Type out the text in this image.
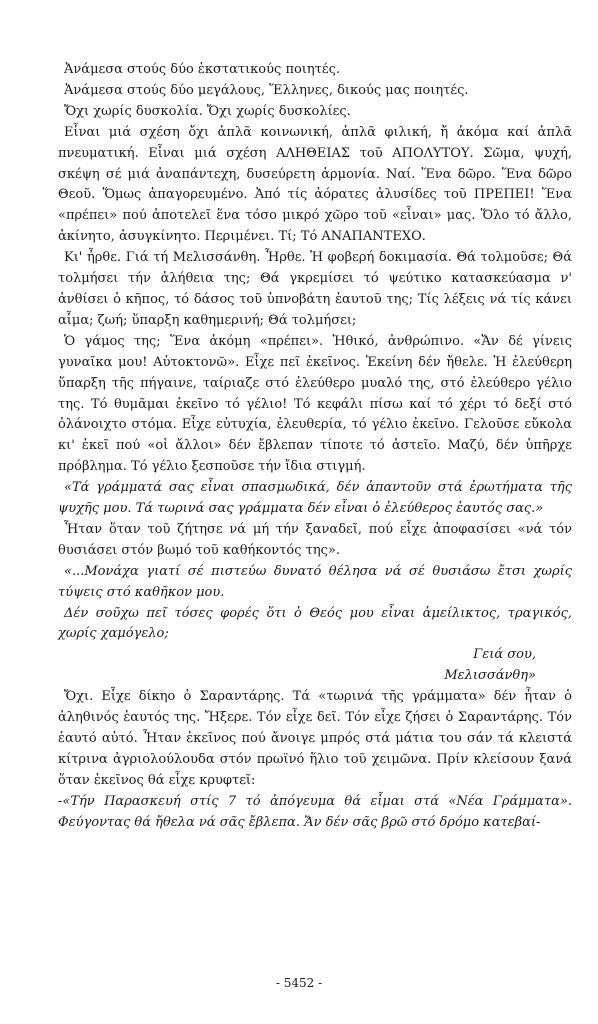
Ἀνάμεσα στούς δύο ἐκστατικούς ποιητές.

Ἀνάμεσα στούς δύο μεγάλους, Ἕλληνες, δικούς μας ποιητές.

Ὄχι χωρίς δυσκολία. Ὄχι χωρίς δυσκολίες.

Εἶναι μιά σχέση ὄχι ἁπλᾶ κοινωνική, ἁπλᾶ φιλική, ἤ ἀκόμα καί ἁπλᾶ πνευματική. Εἶναι μιά σχέση ΑΛΗΘΕΙΑΣ τοῦ ΑΠΟΛΥΤΟΥ. Σῶμα, ψυχή, σκέψη σέ μιά ἀναπάντεχη, δυσεύρετη ἁρμονία. Ναί. Ἕνα δῶρο. Ἕνα δῶρο Θεοῦ. Ὅμως ἀπαγορευμένο. Ἀπό τίς ἀόρατες ἁλυσίδες τοῦ ΠΡΕΠΕΙ! Ἕνα «πρέπει» πού ἀποτελεῖ ἕνα τόσο μικρό χῶρο τοῦ «εἶναι» μας. Ὅλο τό ἄλλο, ἀκίνητο, ἀσυγκίνητο. Περιμένει. Τί; Τό ΑΝΑΠΑΝΤΕΧΟ.

Κι' ἦρθε. Γιά τή Μελισσάνθη. Ἦρθε. Ἡ φοβερή δοκιμασία. Θά τολμοῦσε; Θά τολμήσει τήν ἀλήθεια της; Θά γκρεμίσει τό ψεύτικο κατασκεύασμα ν' ἀνθίσει ὁ κῆπος, τό δάσος τοῦ ὑπνοβάτη ἑαυτοῦ της; Τίς λέξεις νά τίς κάνει αἷμα; ζωή; ὕπαρξη καθημερινή; Θά τολμήσει;

Ὁ γάμος της; Ἕνα ἀκόμη «πρέπει». Ἠθικό, ἀνθρώπινο. «Ἄν δέ γίνεις γυναῖκα μου! Αὐτοκτονῶ». Εἶχε πεῖ ἐκεῖνος. Ἐκείνη δέν ἤθελε. Ἡ ἐλεύθερη ὕπαρξη τῆς πήγαινε, ταίριαζε στό ἐλεύθερο μυαλό της, στό ἐλεύθερο γέλιο της. Τό θυμᾶμαι ἐκεῖνο τό γέλιο! Τό κεφάλι πίσω καί τό χέρι τό δεξί στό ὀλάνοιχτο στόμα. Εἶχε εὐτυχία, ἐλευθερία, τό γέλιο ἐκεῖνο. Γελοῦσε εὔκολα κι' ἐκεῖ πού «οἱ ἄλλοι» δέν ἔβλεπαν τίποτε τό ἀστεῖο. Μαζύ, δέν ὑπῆρχε πρόβλημα. Τό γέλιο ξεσποῦσε τήν ἴδια στιγμή.

«Τά γράμματά σας εἶναι σπασμωδικά, δέν ἀπαντοῦν στά ἐρωτήματα τῆς ψυχῆς μου. Τά τωρινά σας γράμματα δέν εἶναι ὁ ἐλεύθερος ἑαυτός σας.»

Ἦταν ὅταν τοῦ ζήτησε νά μή τήν ξαναδεῖ, πού εἶχε ἀποφασίσει «νά τόν θυσιάσει στόν βωμό τοῦ καθήκοντός της».

«...Μονάχα γιατί σέ πιστεύω δυνατό θέλησα νά σέ θυσιάσω ἔτσι χωρίς τύψεις στό καθῆκον μου.

Δέν σοῦχω πεῖ τόσες φορές ὅτι ὁ Θεός μου εἶναι ἀμείλικτος, τραγικός, χωρίς χαμόγελο;

Γειά σου,
Μελισσάνθη»

Ὄχι. Εἶχε δίκηο ὁ Σαραντάρης. Τά «τωρινά τῆς γράμματα» δέν ἦταν ὁ ἀληθινός ἑαυτός της. Ἤξερε. Τόν εἶχε δεῖ. Τόν εἶχε ζήσει ὁ Σαραντάρης. Τόν ἑαυτό αὐτό. Ἦταν ἐκεῖνος πού ἄνοιγε μπρός στά μάτια του σάν τά κλειστά κίτρινα ἀγριολούλουδα στόν πρωϊνό ἥλιο τοῦ χειμῶνα. Πρίν κλείσουν ξανά ὅταν ἐκεῖνος θά εἶχε κρυφτεῖ:

-«Τήν Παρασκευή στίς 7 τό ἀπόγευμα θά εἶμαι στά «Νέα Γράμματα». Φεύγοντας θά ἤθελα νά σᾶς ἔβλεπα. Ἄν δέν σᾶς βρῶ στό δρόμο κατεβαί-

- 5452 -
